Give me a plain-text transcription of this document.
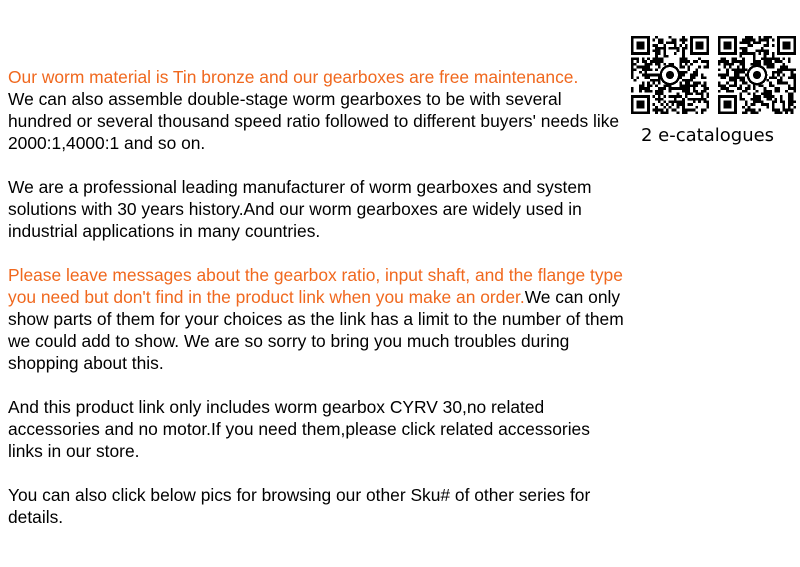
Our worm material is Tin bronze and our gearboxes are free maintenance.
We can also assemble double-stage worm gearboxes to be with several hundred or several thousand speed ratio followed to different buyers' needs like 2000:1,4000:1 and so on.

We are a professional leading manufacturer of worm gearboxes and system solutions with 30 years history.And our worm gearboxes are widely used in industrial applications in many countries.

Please leave messages about the gearbox ratio, input shaft, and the flange type you need but don't find in the product link when you make an order.We can only show parts of them for your choices as the link has a limit to the number of them we could add to show. We are so sorry to bring you much troubles during shopping about this.

And this product link only includes worm gearbox CYRV 30,no related accessories and no motor.If you need them,please click related accessories links in our store.

You can also click below pics for browsing our other Sku# of other series for details.

2 e-catalogues
